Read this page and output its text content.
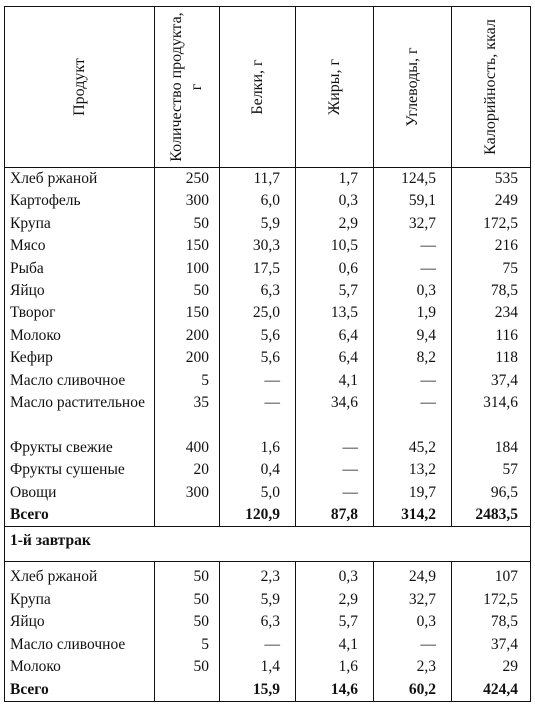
Продукт	Количество продукта, г	Белки, г	Жиры, г	Углеводы, г	Калорийность, ккал

Хлеб ржаной	250	11,7	1,7	124,5	535
Картофель	300	6,0	0,3	59,1	249
Крупа	50	5,9	2,9	32,7	172,5
Мясо	150	30,3	10,5	—	216
Рыба	100	17,5	0,6	—	75
Яйцо	50	6,3	5,7	0,3	78,5
Творог	150	25,0	13,5	1,9	234
Молоко	200	5,6	6,4	9,4	116
Кефир	200	5,6	6,4	8,2	118
Масло сливочное	5	—	4,1	—	37,4
Масло растительное	35	—	34,6	—	314,6
Фрукты свежие	400	1,6	—	45,2	184
Фрукты сушеные	20	0,4	—	13,2	57
Овощи	300	5,0	—	19,7	96,5
Всего		120,9	87,8	314,2	2483,5
1-й завтрак					
Хлеб ржаной	50	2,3	0,3	24,9	107
Крупа	50	5,9	2,9	32,7	172,5
Яйцо	50	6,3	5,7	0,3	78,5
Масло сливочное	5	—	4,1	—	37,4
Молоко	50	1,4	1,6	2,3	29
Всего		15,9	14,6	60,2	424,4
